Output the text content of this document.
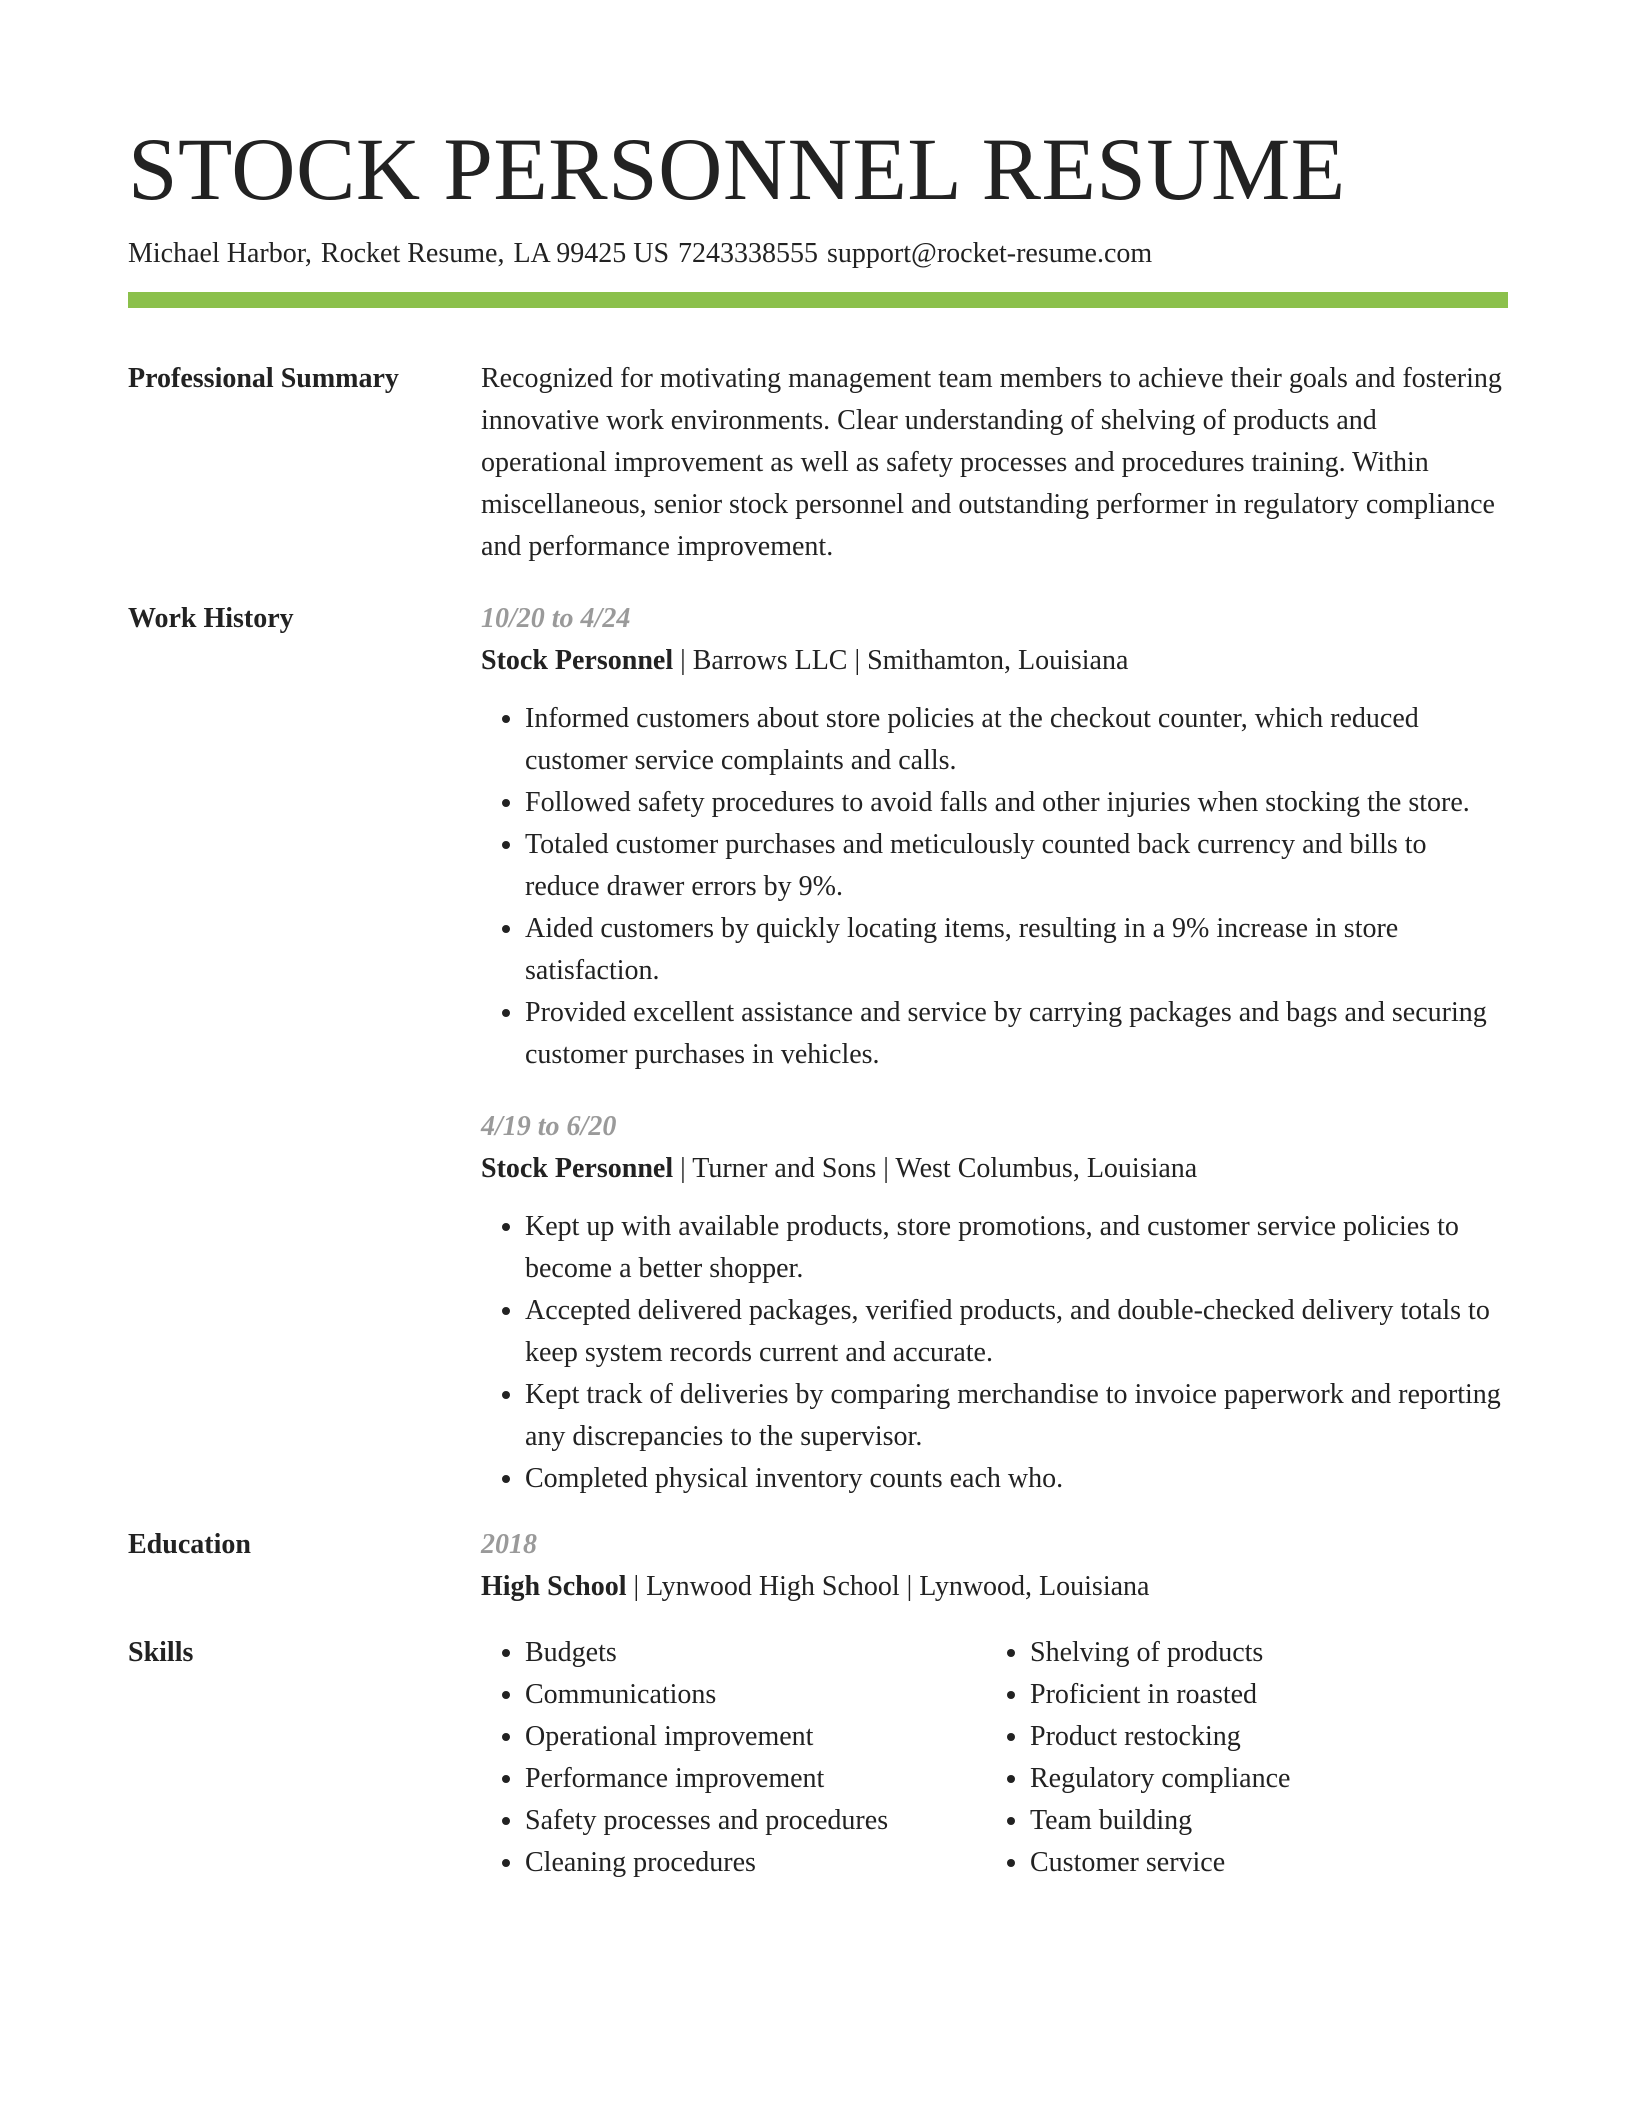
STOCK PERSONNEL RESUME
Michael Harbor, Rocket Resume, LA 99425 US 7243338555 support@rocket-resume.com
Professional Summary	Recognized for motivating management team members to achieve their goals and fostering innovative work environments. Clear understanding of shelving of products and operational improvement as well as safety processes and procedures training. Within miscellaneous, senior stock personnel and outstanding performer in regulatory compliance and performance improvement.
Work History	10/20 to 4/24
Stock Personnel | Barrows LLC | Smithamton, Louisiana
• Informed customers about store policies at the checkout counter, which reduced customer service complaints and calls.
• Followed safety procedures to avoid falls and other injuries when stocking the store.
• Totaled customer purchases and meticulously counted back currency and bills to reduce drawer errors by 9%.
• Aided customers by quickly locating items, resulting in a 9% increase in store satisfaction.
• Provided excellent assistance and service by carrying packages and bags and securing customer purchases in vehicles.
4/19 to 6/20
Stock Personnel | Turner and Sons | West Columbus, Louisiana
• Kept up with available products, store promotions, and customer service policies to become a better shopper.
• Accepted delivered packages, verified products, and double-checked delivery totals to keep system records current and accurate.
• Kept track of deliveries by comparing merchandise to invoice paperwork and reporting any discrepancies to the supervisor.
• Completed physical inventory counts each who.
Education	2018
High School | Lynwood High School | Lynwood, Louisiana
Skills
•	Budgets
• Communications
• Operational improvement
• Performance improvement
• Safety processes and procedures
• Cleaning procedures
• Shelving of products
• Proficient in roasted
• Product restocking
• Regulatory compliance
• Team building
• Customer service
